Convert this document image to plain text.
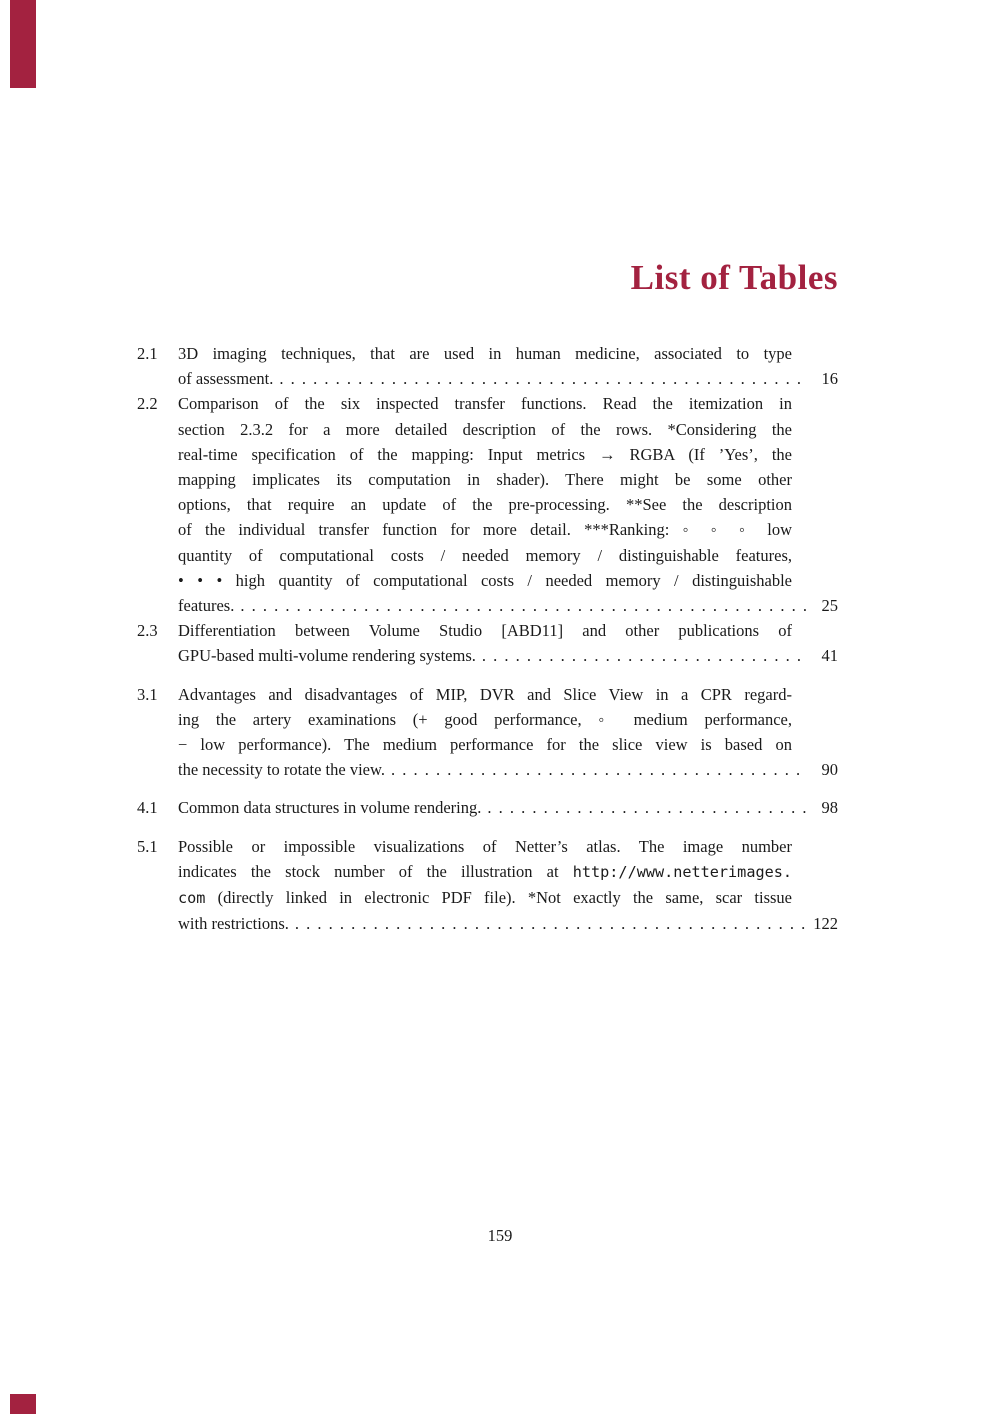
List of Tables
2.1	3D imaging techniques, that are used in human medicine, associated to type
of assessment. . . .	16
2.2	Comparison of the six inspected transfer functions. Read the itemization in
section 2.3.2 for a more detailed description of the rows. *Considering the
real-time specification of the mapping: Input metrics → RGBA (If ’Yes’, the
mapping implicates its computation in shader). There might be some other
options, that require an update of the pre-processing. **See the description
of the individual transfer function for more detail. ***Ranking: ◦ ◦ ◦ low
quantity of computational costs / needed memory / distinguishable features,
• • • high quantity of computational costs / needed memory / distinguishable
features. . . .	25
2.3	Differentiation between Volume Studio [ABD11] and other publications of
GPU-based multi-volume rendering systems. . . .	41
3.1	Advantages and disadvantages of MIP, DVR and Slice View in a CPR regard-
ing the artery examinations (+ good performance, ◦ medium performance,
− low performance). The medium performance for the slice view is based on
the necessity to rotate the view. . . .	90
4.1	Common data structures in volume rendering. . . .	98
5.1	Possible or impossible visualizations of Netter’s atlas. The image number
indicates the stock number of the illustration at http://www.netterimages.
com (directly linked in electronic PDF file). *Not exactly the same, scar tissue
with restrictions. . . .	122
159
